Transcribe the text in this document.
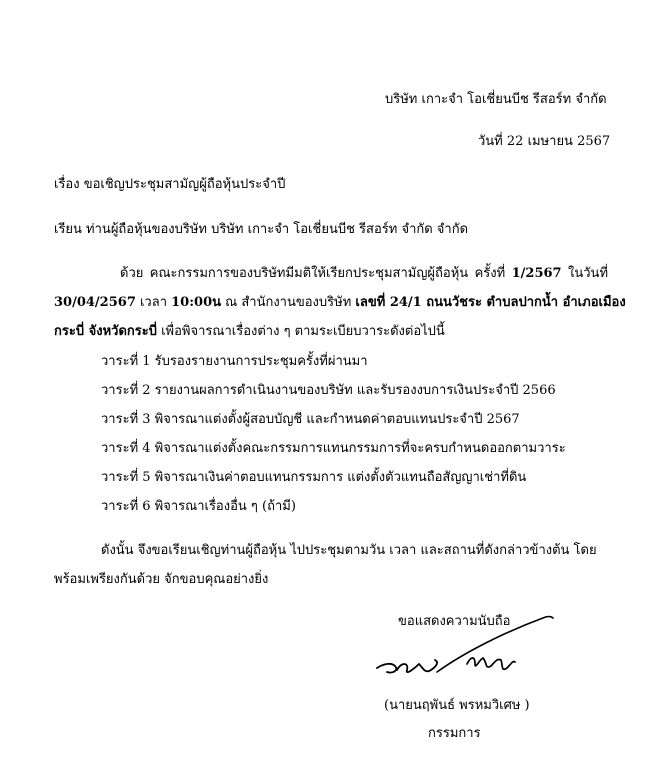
บริษัท เกาะจำ โอเชี่ยนบีช รีสอร์ท จำกัด
วันที่ 22 เมษายน 2567
เรื่อง ขอเชิญประชุมสามัญผู้ถือหุ้นประจำปี
เรียน ท่านผู้ถือหุ้นของบริษัท บริษัท เกาะจำ โอเชี่ยนบีช รีสอร์ท จำกัด จำกัด
ด้วย คณะกรรมการของบริษัทมีมติให้เรียกประชุมสามัญผู้ถือหุ้น ครั้งที่ 1/2567 ในวันที่
30/04/2567 เวลา 10:00น ณ สำนักงานของบริษัท เลขที่ 24/1 ถนนวัชระ ตำบลปากน้ำ อำเภอเมือง
กระบี่ จังหวัดกระบี่ เพื่อพิจารณาเรื่องต่าง ๆ ตามระเบียบวาระดังต่อไปนี้
วาระที่ 1 รับรองรายงานการประชุมครั้งที่ผ่านมา
วาระที่ 2 รายงานผลการดำเนินงานของบริษัท และรับรองงบการเงินประจำปี 2566
วาระที่ 3 พิจารณาแต่งตั้งผู้สอบบัญชี และกำหนดค่าตอบแทนประจำปี 2567
วาระที่ 4 พิจารณาแต่งตั้งคณะกรรมการแทนกรรมการที่จะครบกำหนดออกตามวาระ
วาระที่ 5 พิจารณาเงินค่าตอบแทนกรรมการ แต่งตั้งตัวแทนถือสัญญาเช่าที่ดิน
วาระที่ 6 พิจารณาเรื่องอื่น ๆ (ถ้ามี)
ดังนั้น จึงขอเรียนเชิญท่านผู้ถือหุ้น ไปประชุมตามวัน เวลา และสถานที่ดังกล่าวข้างต้น โดย
พร้อมเพรียงกันด้วย จักขอบคุณอย่างยิ่ง
ขอแสดงความนับถือ
(นายนฤพันธ์ พรหมวิเศษ )
กรรมการ
